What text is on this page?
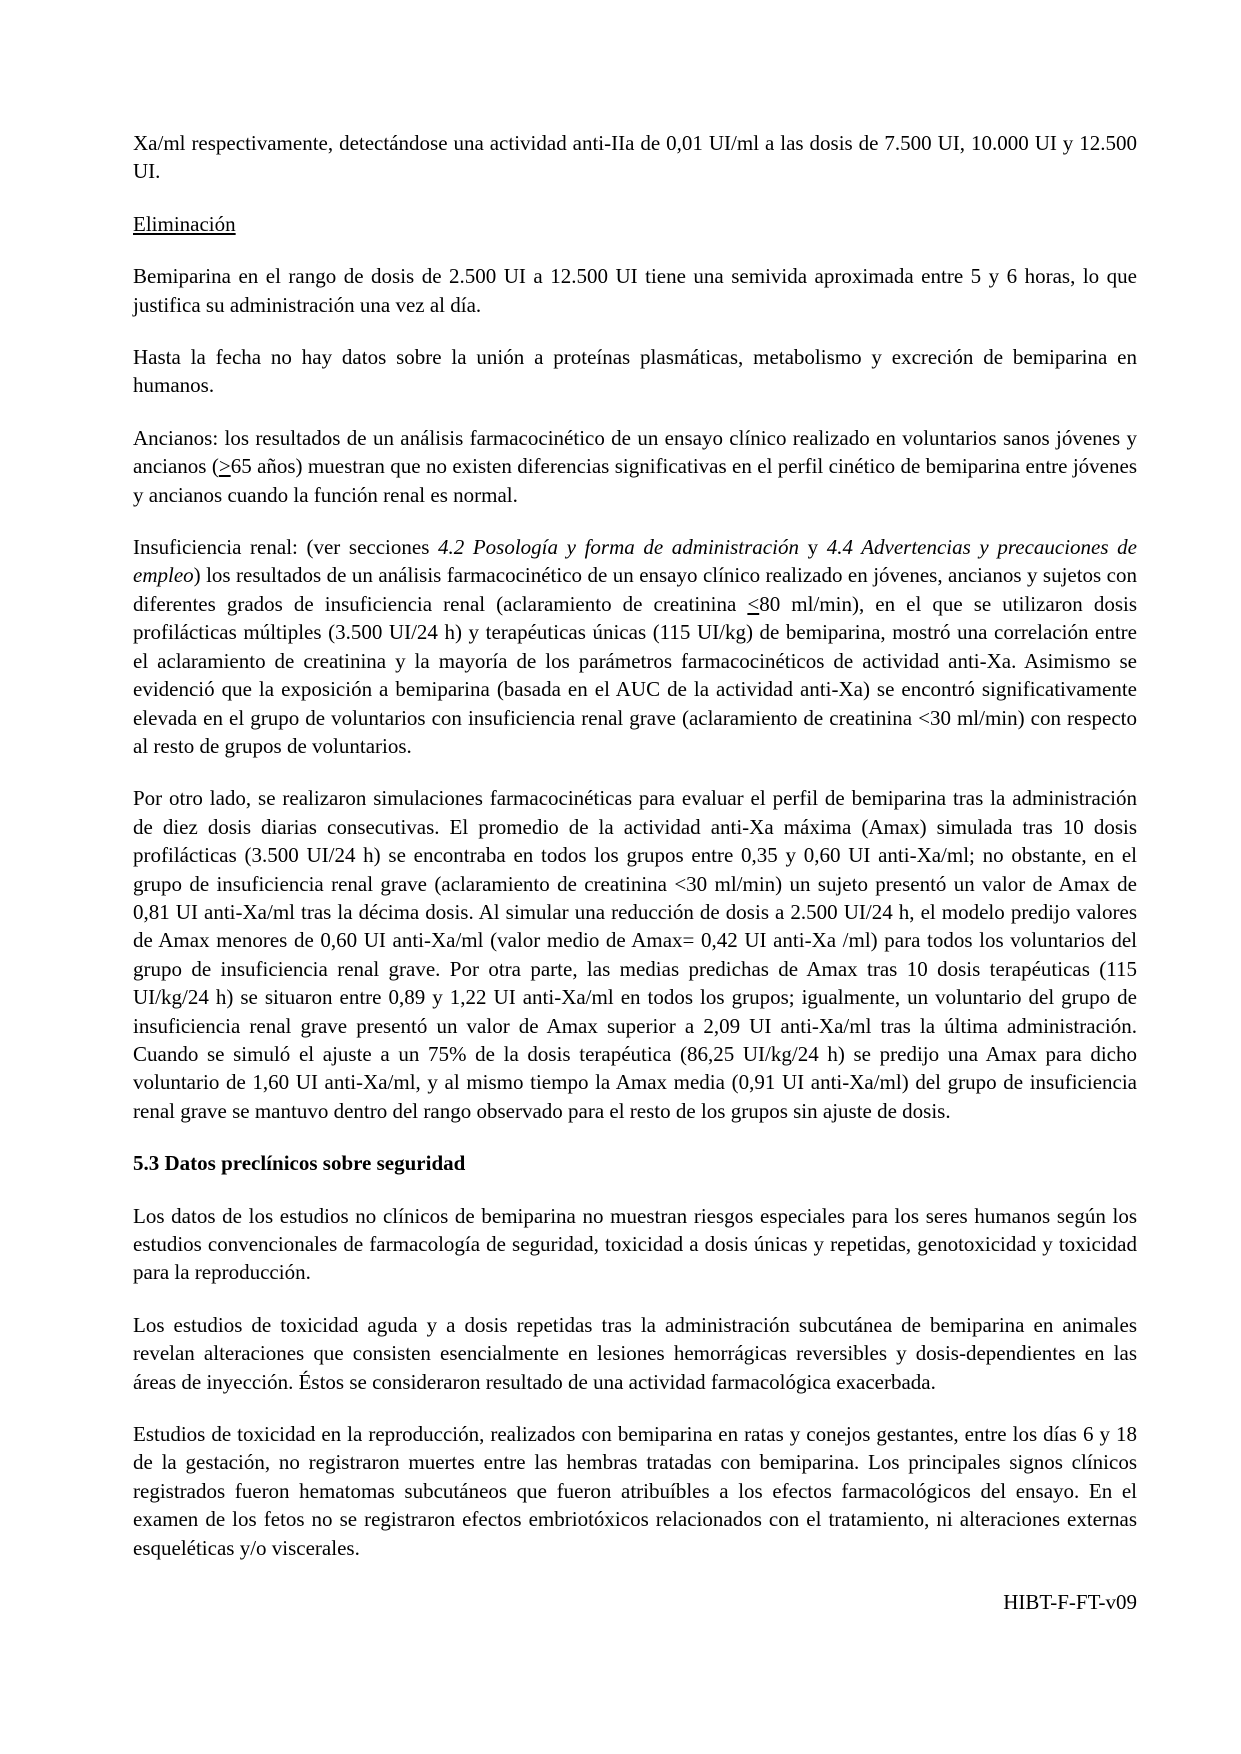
Xa/ml respectivamente, detectándose una actividad anti-IIa de 0,01 UI/ml a las dosis de 7.500 UI, 10.000 UI y 12.500 UI.

Eliminación

Bemiparina en el rango de dosis de 2.500 UI a 12.500 UI tiene una semivida aproximada entre 5 y 6 horas, lo que justifica su administración una vez al día.

Hasta la fecha no hay datos sobre la unión a proteínas plasmáticas, metabolismo y excreción de bemiparina en humanos.

Ancianos: los resultados de un análisis farmacocinético de un ensayo clínico realizado en voluntarios sanos jóvenes y ancianos (>65 años) muestran que no existen diferencias significativas en el perfil cinético de bemiparina entre jóvenes y ancianos cuando la función renal es normal.

Insuficiencia renal: (ver secciones 4.2 Posología y forma de administración y 4.4 Advertencias y precauciones de empleo) los resultados de un análisis farmacocinético de un ensayo clínico realizado en jóvenes, ancianos y sujetos con diferentes grados de insuficiencia renal (aclaramiento de creatinina <80 ml/min), en el que se utilizaron dosis profilácticas múltiples (3.500 UI/24 h) y terapéuticas únicas (115 UI/kg) de bemiparina, mostró una correlación entre el aclaramiento de creatinina y la mayoría de los parámetros farmacocinéticos de actividad anti-Xa. Asimismo se evidenció que la exposición a bemiparina (basada en el AUC de la actividad anti-Xa) se encontró significativamente elevada en el grupo de voluntarios con insuficiencia renal grave (aclaramiento de creatinina <30 ml/min) con respecto al resto de grupos de voluntarios.

Por otro lado, se realizaron simulaciones farmacocinéticas para evaluar el perfil de bemiparina tras la administración de diez dosis diarias consecutivas. El promedio de la actividad anti-Xa máxima (Amax) simulada tras 10 dosis profilácticas (3.500 UI/24 h) se encontraba en todos los grupos entre 0,35 y 0,60 UI anti-Xa/ml; no obstante, en el grupo de insuficiencia renal grave (aclaramiento de creatinina <30 ml/min) un sujeto presentó un valor de Amax de 0,81 UI anti-Xa/ml tras la décima dosis. Al simular una reducción de dosis a 2.500 UI/24 h, el modelo predijo valores de Amax menores de 0,60 UI anti-Xa/ml (valor medio de Amax= 0,42 UI anti-Xa /ml) para todos los voluntarios del grupo de insuficiencia renal grave. Por otra parte, las medias predichas de Amax tras 10 dosis terapéuticas (115 UI/kg/24 h) se situaron entre 0,89 y 1,22 UI anti-Xa/ml en todos los grupos; igualmente, un voluntario del grupo de insuficiencia renal grave presentó un valor de Amax superior a 2,09 UI anti-Xa/ml tras la última administración. Cuando se simuló el ajuste a un 75% de la dosis terapéutica (86,25 UI/kg/24 h) se predijo una Amax para dicho voluntario de 1,60 UI anti-Xa/ml, y al mismo tiempo la Amax media (0,91 UI anti-Xa/ml) del grupo de insuficiencia renal grave se mantuvo dentro del rango observado para el resto de los grupos sin ajuste de dosis.

5.3 Datos preclínicos sobre seguridad

Los datos de los estudios no clínicos de bemiparina no muestran riesgos especiales para los seres humanos según los estudios convencionales de farmacología de seguridad, toxicidad a dosis únicas y repetidas, genotoxicidad y toxicidad para la reproducción.

Los estudios de toxicidad aguda y a dosis repetidas tras la administración subcutánea de bemiparina en animales revelan alteraciones que consisten esencialmente en lesiones hemorrágicas reversibles y dosis-dependientes en las áreas de inyección. Éstos se consideraron resultado de una actividad farmacológica exacerbada.

Estudios de toxicidad en la reproducción, realizados con bemiparina en ratas y conejos gestantes, entre los días 6 y 18 de la gestación, no registraron muertes entre las hembras tratadas con bemiparina. Los principales signos clínicos registrados fueron hematomas subcutáneos que fueron atribuíbles a los efectos farmacológicos del ensayo. En el examen de los fetos no se registraron efectos embriotóxicos relacionados con el tratamiento, ni alteraciones externas esqueléticas y/o viscerales.

HIBT-F-FT-v09
